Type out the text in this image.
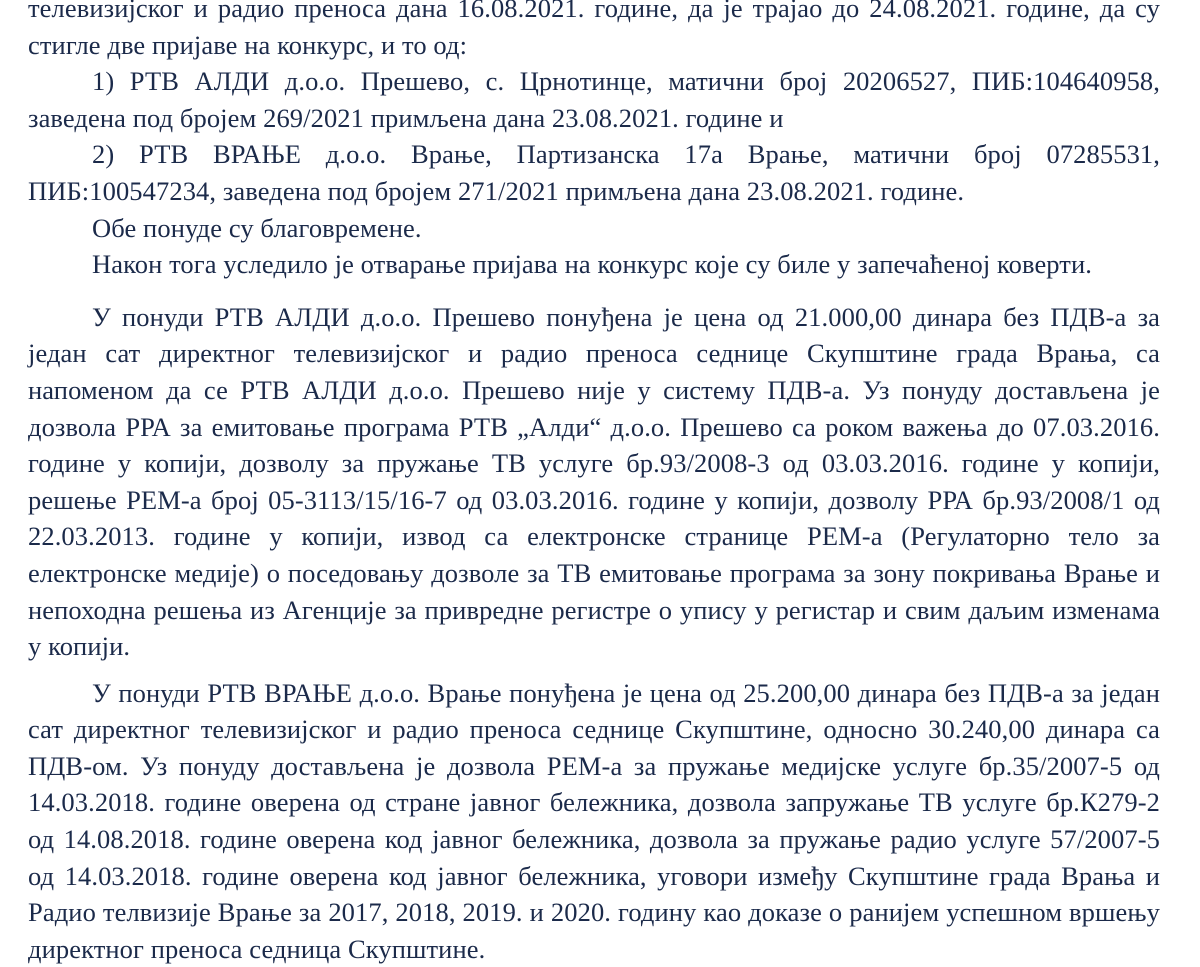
телевизијског и радио преноса дана 16.08.2021. године, да је трајао до 24.08.2021. године, да су стигле две пријаве на конкурс, и то од:

1) РТВ АЛДИ д.о.о. Прешево, с. Црнотинце, матични број 20206527, ПИБ:104640958, заведена под бројем 269/2021 примљена дана 23.08.2021. године и

2) РТВ ВРАЊЕ д.о.о. Врање, Партизанска 17а Врање, матични број 07285531, ПИБ:100547234, заведена под бројем 271/2021 примљена дана 23.08.2021. године.

Обе понуде су благовремене.

Након тога уследило је отварање пријава на конкурс које су биле у запечаћеној коверти.

У понуди РТВ АЛДИ д.о.о. Прешево понуђена је цена од 21.000,00 динара без ПДВ-а за један сат директног телевизијског и радио преноса седнице Скупштине града Врања, са напоменом да се РТВ АЛДИ д.о.о. Прешево није у систему ПДВ-а. Уз понуду достављена је дозвола РРА за емитовање програма РТВ „Алди“ д.о.о. Прешево са роком важења до 07.03.2016. године у копији, дозволу за пружање ТВ услуге бр.93/2008-3 од 03.03.2016. године у копији, решење РЕМ-а број 05-3113/15/16-7 од 03.03.2016. године у копији, дозволу РРА бр.93/2008/1 од 22.03.2013. године у копији, извод са електронске странице РЕМ-а (Регулаторно тело за електронске медије) о поседовању дозволе за ТВ емитовање програма за зону покривања Врање и непоходна решења из Агенције за привредне регистре о упису у регистар и свим даљим изменама у копији.

У понуди РТВ ВРАЊЕ д.о.о. Врање понуђена је цена од 25.200,00 динара без ПДВ-а за један сат директног телевизијског и радио преноса седнице Скупштине, односно 30.240,00 динара са ПДВ-ом. Уз понуду достављена је дозвола РЕМ-а за пружање медијске услуге бр.35/2007-5 од 14.03.2018. године оверена од стране јавног бележника, дозвола запружање ТВ услуге бр.К279-2 од 14.08.2018. године оверена код јавног бележника, дозвола за пружање радио услуге 57/2007-5 од 14.03.2018. године оверена код јавног бележника, уговори између Скупштине града Врања и Радио телвизије Врање за 2017, 2018, 2019. и 2020. годину као доказе о ранијем успешном вршењу директног преноса седница Скупштине.
